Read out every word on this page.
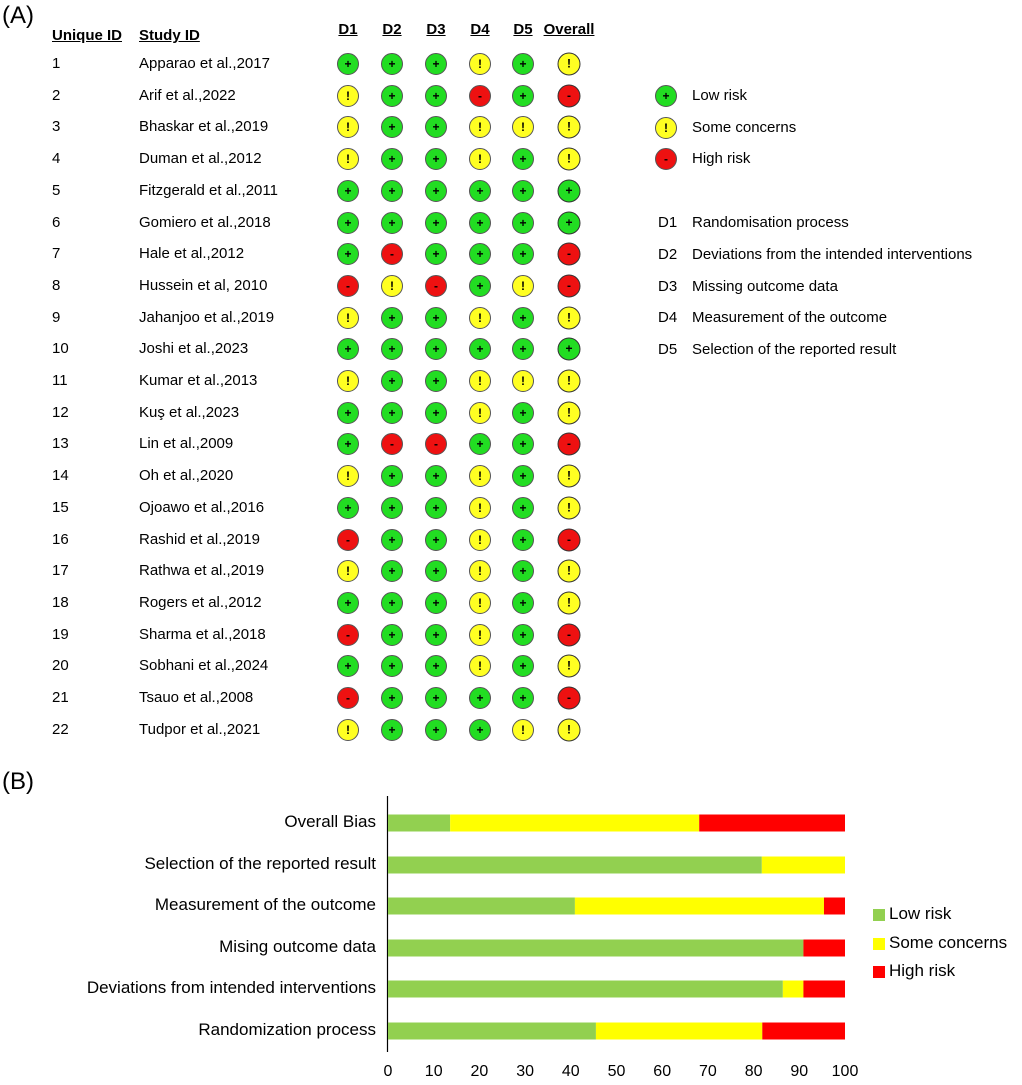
(A)
Unique ID Study ID	D1 D2 D3 D4 D5 Overall
1	Apparao et al.,2017	+	+	+	!	+	!
2	Arif et al.,2022	!	+	+	-	+	-
3	Bhaskar et al.,2019	!	+	+	!	!	!
4	Duman et al.,2012	!	+	+	!	+	!
5	Fitzgerald et al.,2011	+	+	+	+	+	+
6	Gomiero et al.,2018	+	+	+	+	+	+
7	Hale et al.,2012	+	-	+	+	+	-
8	Hussein et al, 2010	-	!	-	+	!	-
9	Jahanjoo et al.,2019	!	+	+	!	+	!
10	Joshi et al.,2023	+	+	+	+	+	+
11	Kumar et al.,2013	!	+	+	!	!	!
12	Kuş et al.,2023	+	+	+	!	+	!
13	Lin et al.,2009	+	-	-	+	+	-
14	Oh et al.,2020	!	+	+	!	+	!
15	Ojoawo et al.,2016	+	+	+	!	+	!
16	Rashid et al.,2019	-	+	+	!	+	-
17	Rathwa et al.,2019	!	+	+	!	+	!
18	Rogers et al.,2012	+	+	+	!	+	!
19	Sharma et al.,2018	-	+	+	!	+	-
20	Sobhani et al.,2024	+	+	+	!	+	!
21	Tsauo et al.,2008	-	+	+	+	+	-
22	Tudpor et al.,2021	!	+	+	+	!	!
+	Low risk
!	Some concerns
-	High risk
D1 Randomisation process
D2 Deviations from the intended interventions
D3 Missing outcome data
D4 Measurement of the outcome
D5 Selection of the reported result
(B)
Overall Bias
Selection of the reported result
Measurement of the outcome
Mising outcome data
Deviations from intended interventions
Randomization process
0 10 20 30 40 50 60 70 80 90 100
Low risk
Some concerns
High risk
